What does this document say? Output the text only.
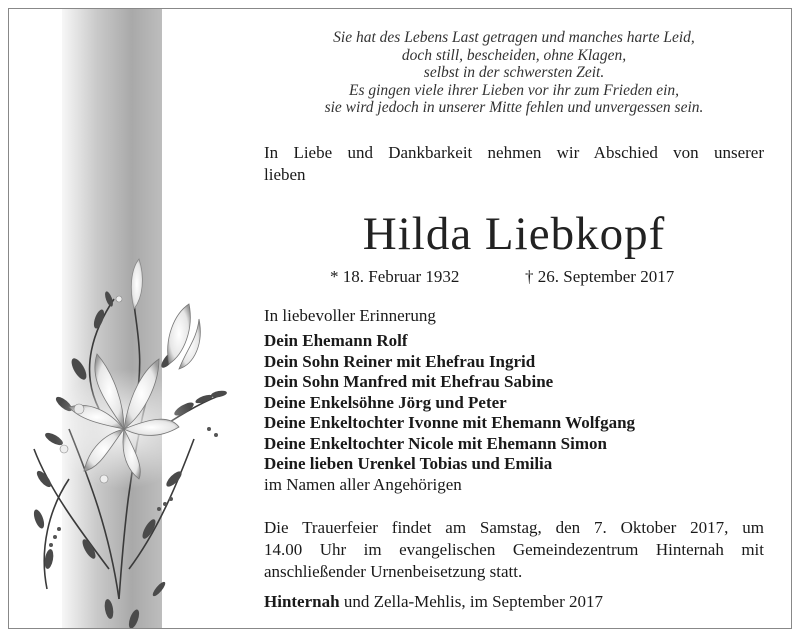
Sie hat des Lebens Last getragen und manches harte Leid,
doch still, bescheiden, ohne Klagen,
selbst in der schwersten Zeit.
Es gingen viele ihrer Lieben vor ihr zum Frieden ein,
sie wird jedoch in unserer Mitte fehlen und unvergessen sein.
In Liebe und Dankbarkeit nehmen wir Abschied von unserer
lieben
Hilda Liebkopf
* 18. Februar 1932	† 26. September 2017
In liebevoller Erinnerung
Dein Ehemann Rolf
Dein Sohn Reiner mit Ehefrau Ingrid
Dein Sohn Manfred mit Ehefrau Sabine
Deine Enkelsöhne Jörg und Peter
Deine Enkeltochter Ivonne mit Ehemann Wolfgang
Deine Enkeltochter Nicole mit Ehemann Simon
Deine lieben Urenkel Tobias und Emilia
im Namen aller Angehörigen
Die Trauerfeier findet am Samstag, den 7. Oktober 2017, um
14.00 Uhr im evangelischen Gemeindezentrum Hinternah mit
anschließender Urnenbeisetzung statt.
Hinternah und Zella-Mehlis, im September 2017
